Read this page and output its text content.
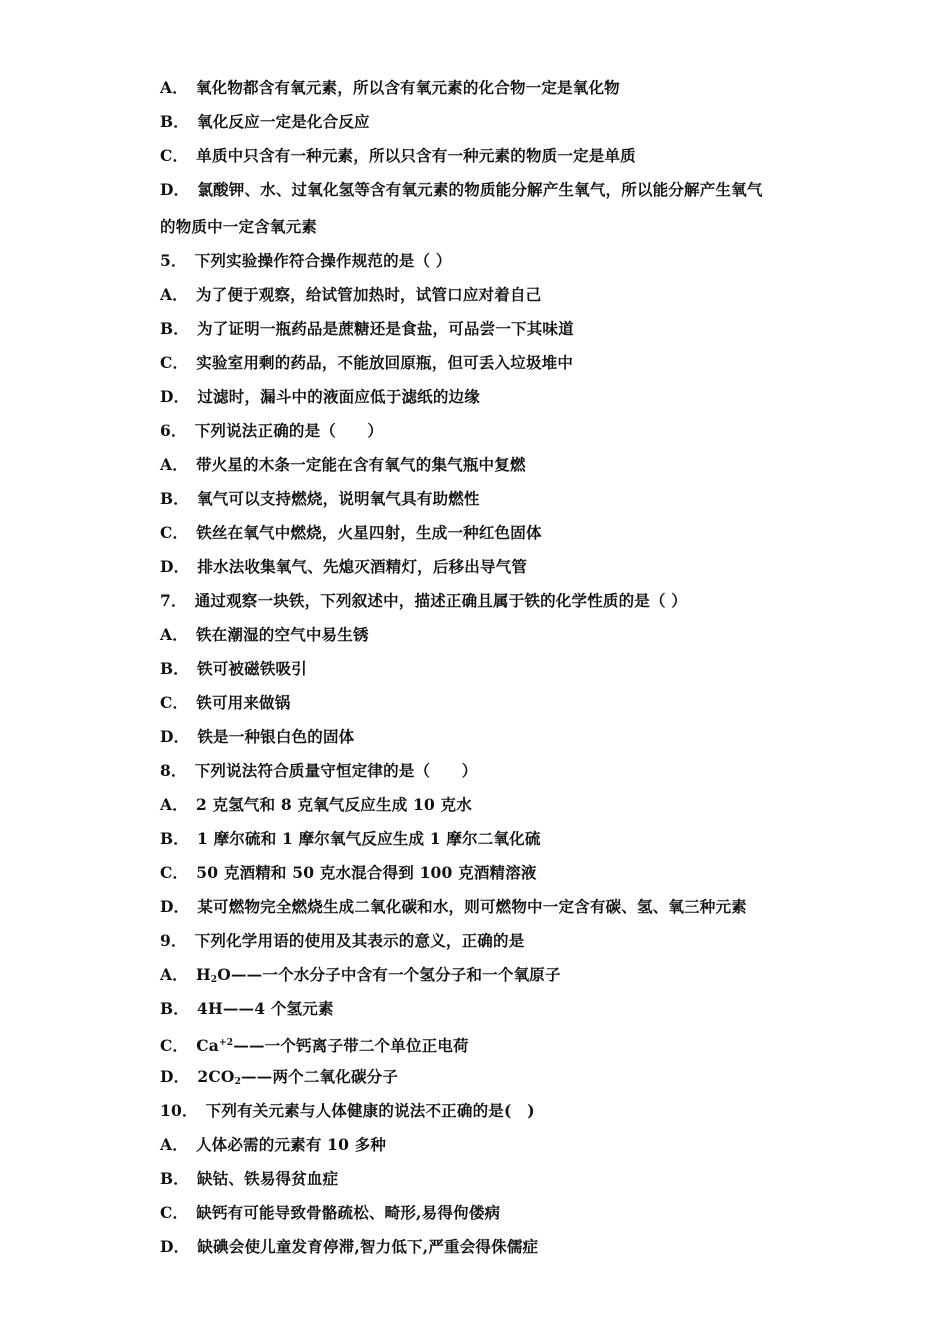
A． 氧化物都含有氧元素，所以含有氧元素的化合物一定是氧化物
B． 氧化反应一定是化合反应
C． 单质中只含有一种元素，所以只含有一种元素的物质一定是单质
D． 氯酸钾、水、过氧化氢等含有氧元素的物质能分解产生氧气，所以能分解产生氧气
的物质中一定含氧元素
5． 下列实验操作符合操作规范的是（ ）
A． 为了便于观察，给试管加热时，试管口应对着自己
B． 为了证明一瓶药品是蔗糖还是食盐，可品尝一下其味道
C． 实验室用剩的药品，不能放回原瓶，但可丢入垃圾堆中
D． 过滤时，漏斗中的液面应低于滤纸的边缘
6． 下列说法正确的是（　　）
A． 带火星的木条一定能在含有氧气的集气瓶中复燃
B． 氧气可以支持燃烧，说明氧气具有助燃性
C． 铁丝在氧气中燃烧，火星四射，生成一种红色固体
D． 排水法收集氧气、先熄灭酒精灯，后移出导气管
7． 通过观察一块铁，下列叙述中，描述正确且属于铁的化学性质的是（ ）
A． 铁在潮湿的空气中易生锈
B． 铁可被磁铁吸引
C． 铁可用来做锅
D． 铁是一种银白色的固体
8． 下列说法符合质量守恒定律的是（　　）
A． 2 克氢气和 8 克氧气反应生成 10 克水
B． 1 摩尔硫和 1 摩尔氧气反应生成 1 摩尔二氧化硫
C． 50 克酒精和 50 克水混合得到 100 克酒精溶液
D． 某可燃物完全燃烧生成二氧化碳和水，则可燃物中一定含有碳、氢、氧三种元素
9． 下列化学用语的使用及其表示的意义，正确的是
A． $H_2O——$一个水分子中含有一个氢分子和一个氧原子
B． 4H——4 个氢元素
C． $Ca^{+2}——$一个钙离子带二个单位正电荷
D． $2CO_2——$两个二氧化碳分子
10． 下列有关元素与人体健康的说法不正确的是(　)
A． 人体必需的元素有 10 多种
B． 缺钴、铁易得贫血症
C． 缺钙有可能导致骨骼疏松、畸形,易得佝偻病
D． 缺碘会使儿童发育停滞,智力低下,严重会得侏儒症
